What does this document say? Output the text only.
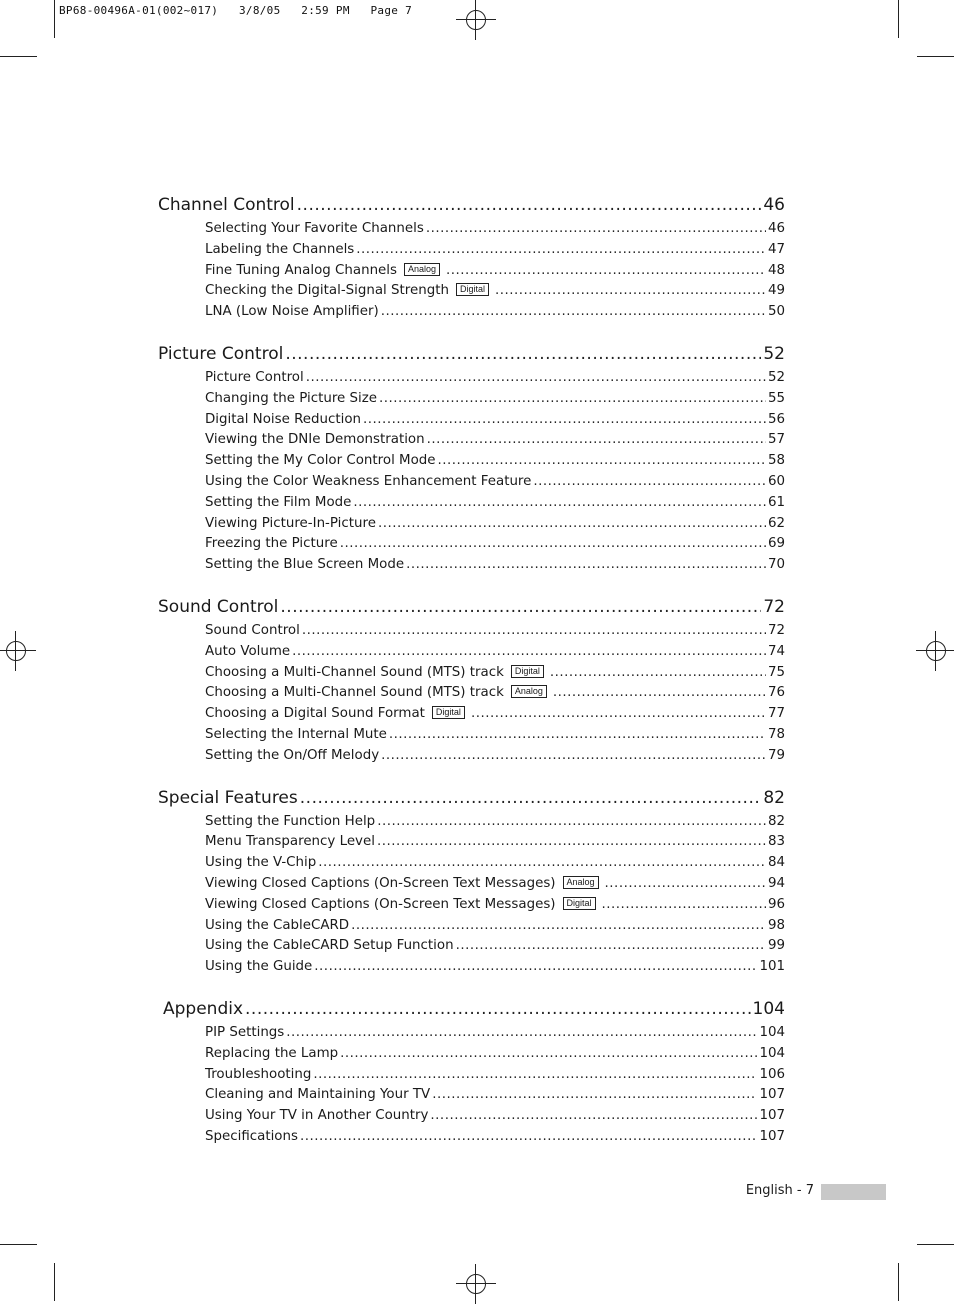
BP68-00496A-01(002~017)   3/8/05   2:59 PM   Page 7
Channel Control .....	46
Selecting Your Favorite Channels .....	46
Labeling the Channels .....	47
Fine Tuning Analog Channels	Analog .....	48
Checking the Digital-Signal Strength	Digital .....	49
LNA (Low Noise Amplifier) .....	50
Picture Control .....	52
Picture Control .....	52
Changing the Picture Size .....	55
Digital Noise Reduction .....	56
Viewing the DNIe Demonstration .....	57
Setting the My Color Control Mode .....	58
Using the Color Weakness Enhancement Feature .....	60
Setting the Film Mode .....	61
Viewing Picture-In-Picture .....	62
Freezing the Picture .....	69
Setting the Blue Screen Mode .....	70
Sound Control .....	72
Sound Control .....	72
Auto Volume .....	74
Choosing a Multi-Channel Sound (MTS) track	Digital .....	75
Choosing a Multi-Channel Sound (MTS) track	Analog .....	76
Choosing a Digital Sound Format	Digital .....	77
Selecting the Internal Mute .....	78
Setting the On/Off Melody .....	79
Special Features .....	82
Setting the Function Help .....	82
Menu Transparency Level .....	83
Using the V-Chip .....	84
Viewing Closed Captions (On-Screen Text Messages)	Analog .....	94
Viewing Closed Captions (On-Screen Text Messages)	Digital .....	96
Using the CableCARD .....	98
Using the CableCARD Setup Function .....	99
Using the Guide .....	101
Appendix .....	104
PIP Settings .....	104
Replacing the Lamp .....	104
Troubleshooting .....	106
Cleaning and Maintaining Your TV .....	107
Using Your TV in Another Country .....	107
Specifications .....	107
English - 7
